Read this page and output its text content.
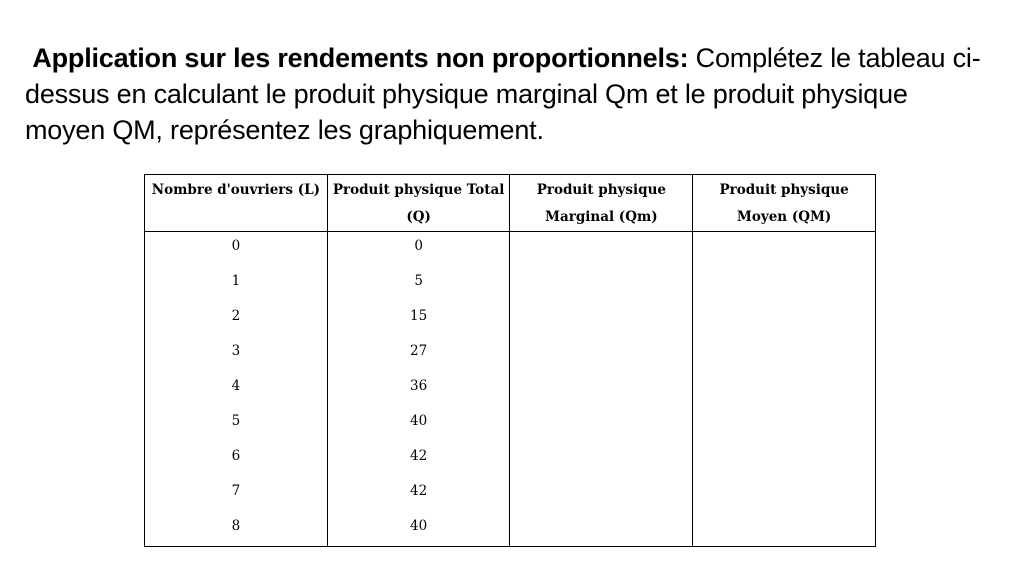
Application sur les rendements non proportionnels: Complétez le tableau ci-dessus en calculant le produit physique marginal Qm et le produit physique moyen QM, représentez les graphiquement.
Nombre d'ouvriers (L)	Produit physique Total (Q)	Produit physique Marginal (Qm)	Produit physique Moyen (QM)
0	0		
1	5		
2	15		
3	27		
4	36		
5	40		
6	42		
7	42		
8	40		
